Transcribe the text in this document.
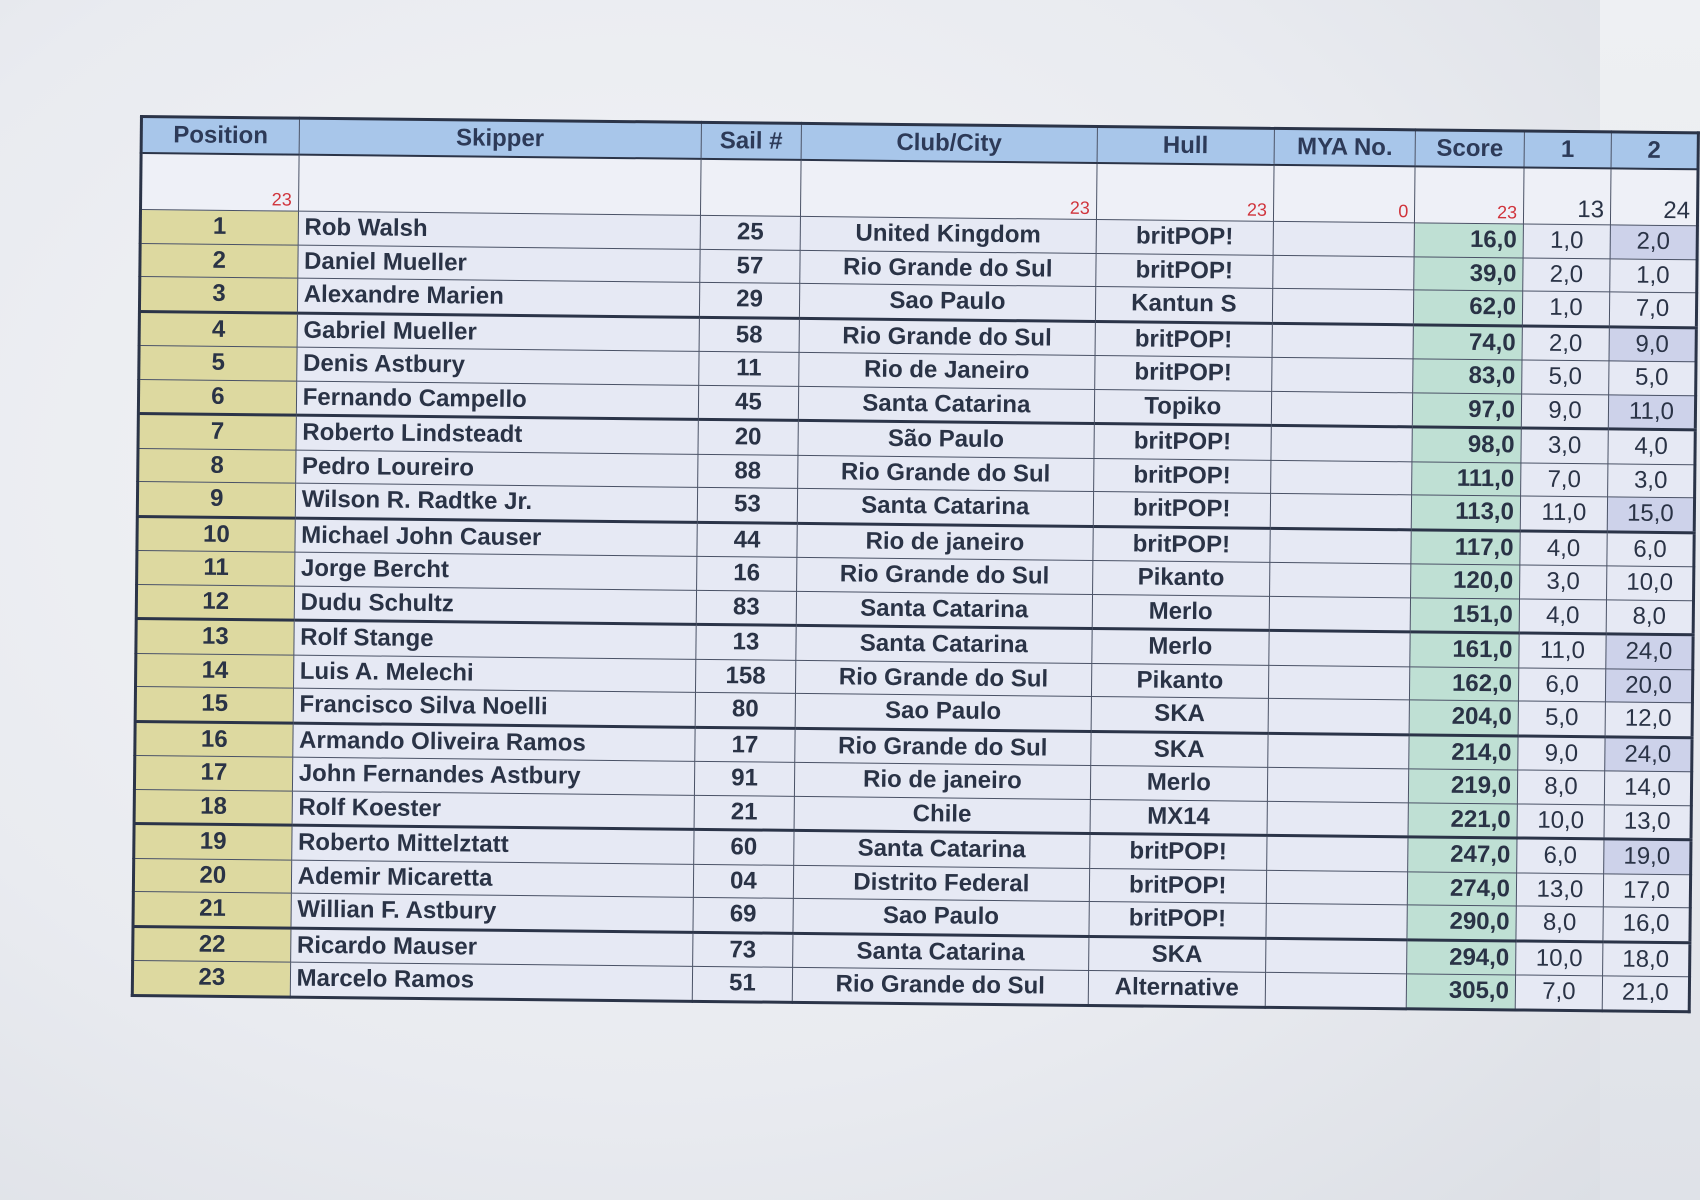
Position	Skipper	Sail #	Club/City	Hull	MYA No.	Score	1	2
23			23	23	0	23	13	24
1	Rob Walsh	25	United Kingdom	britPOP!		16,0	1,0	2,0
2	Daniel Mueller	57	Rio Grande do Sul	britPOP!		39,0	2,0	1,0
3	Alexandre Marien	29	Sao Paulo	Kantun S		62,0	1,0	7,0
4	Gabriel Mueller	58	Rio Grande do Sul	britPOP!		74,0	2,0	9,0
5	Denis Astbury	11	Rio de Janeiro	britPOP!		83,0	5,0	5,0
6	Fernando Campello	45	Santa Catarina	Topiko		97,0	9,0	11,0
7	Roberto Lindsteadt	20	São Paulo	britPOP!		98,0	3,0	4,0
8	Pedro Loureiro	88	Rio Grande do Sul	britPOP!		111,0	7,0	3,0
9	Wilson R. Radtke Jr.	53	Santa Catarina	britPOP!		113,0	11,0	15,0
10	Michael John Causer	44	Rio de janeiro	britPOP!		117,0	4,0	6,0
11	Jorge Bercht	16	Rio Grande do Sul	Pikanto		120,0	3,0	10,0
12	Dudu Schultz	83	Santa Catarina	Merlo		151,0	4,0	8,0
13	Rolf Stange	13	Santa Catarina	Merlo		161,0	11,0	24,0
14	Luis A. Melechi	158	Rio Grande do Sul	Pikanto		162,0	6,0	20,0
15	Francisco Silva Noelli	80	Sao Paulo	SKA		204,0	5,0	12,0
16	Armando Oliveira Ramos	17	Rio Grande do Sul	SKA		214,0	9,0	24,0
17	John Fernandes Astbury	91	Rio de janeiro	Merlo		219,0	8,0	14,0
18	Rolf Koester	21	Chile	MX14		221,0	10,0	13,0
19	Roberto Mittelztatt	60	Santa Catarina	britPOP!		247,0	6,0	19,0
20	Ademir Micaretta	04	Distrito Federal	britPOP!		274,0	13,0	17,0
21	Willian F. Astbury	69	Sao Paulo	britPOP!		290,0	8,0	16,0
22	Ricardo Mauser	73	Santa Catarina	SKA		294,0	10,0	18,0
23	Marcelo Ramos	51	Rio Grande do Sul	Alternative		305,0	7,0	21,0
